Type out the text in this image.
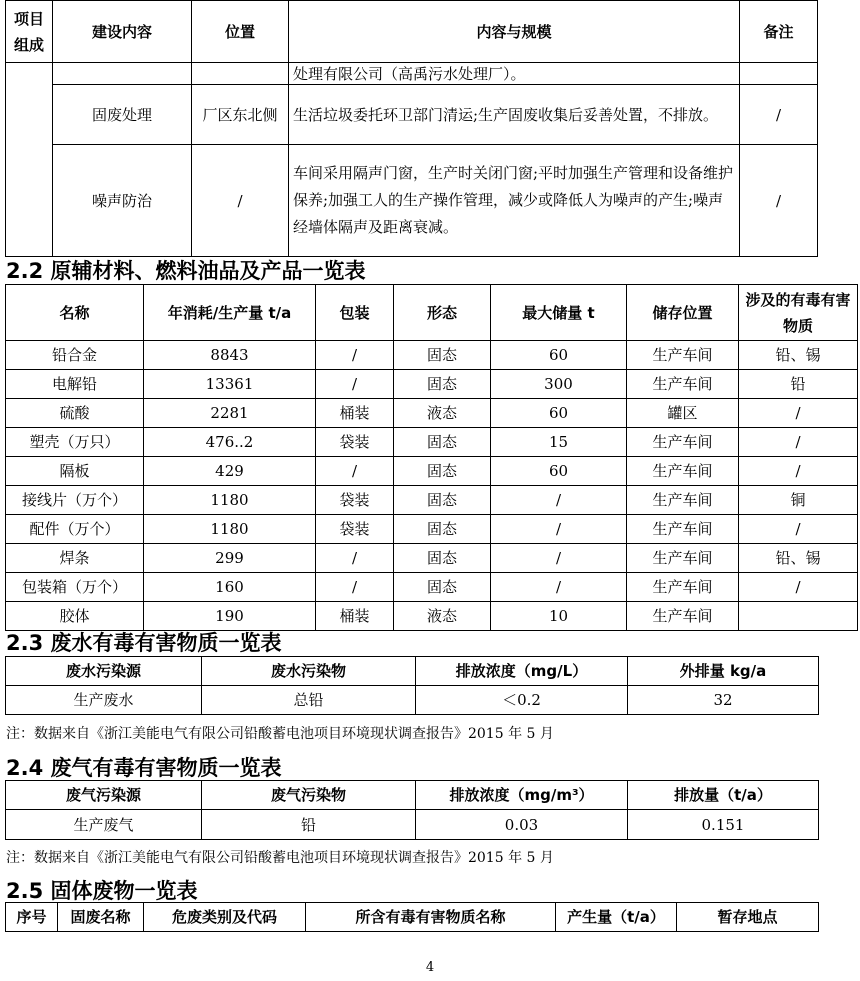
项目组成	建设内容	位置	内容与规模	备注
			处理有限公司（高禹污水处理厂）。	
	固废处理	厂区东北侧	生活垃圾委托环卫部门清运;生产固废收集后妥善处置，不排放。	/
	噪声防治	/	车间采用隔声门窗，生产时关闭门窗;平时加强生产管理和设备维护保养;加强工人的生产操作管理，减少或降低人为噪声的产生;噪声经墙体隔声及距离衰减。	/
2.2 原辅材料、燃料油品及产品一览表
名称	年消耗/生产量 t/a	包装	形态	最大储量 t	储存位置	涉及的有毒有害物质
铅合金	8843	/	固态	60	生产车间	铅、锡
电解铅	13361	/	固态	300	生产车间	铅
硫酸	2281	桶装	液态	60	罐区	/
塑壳（万只）	476..2	袋装	固态	15	生产车间	/
隔板	429	/	固态	60	生产车间	/
接线片（万个）	1180	袋装	固态	/	生产车间	铜
配件（万个）	1180	袋装	固态	/	生产车间	/
焊条	299	/	固态	/	生产车间	铅、锡
包装箱（万个）	160	/	固态	/	生产车间	/
胶体	190	桶装	液态	10	生产车间	
2.3 废水有毒有害物质一览表
废水污染源	废水污染物	排放浓度（mg/L）	外排量 kg/a
生产废水	总铅	＜0.2	32
注：数据来自《浙江美能电气有限公司铅酸蓄电池项目环境现状调查报告》2015 年 5 月
2.4 废气有毒有害物质一览表
废气污染源	废气污染物	排放浓度（mg/m³）	排放量（t/a）
生产废气	铅	0.03	0.151
注：数据来自《浙江美能电气有限公司铅酸蓄电池项目环境现状调查报告》2015 年 5 月
2.5 固体废物一览表
序号	固废名称	危废类别及代码	所含有毒有害物质名称	产生量（t/a）	暂存地点
4
